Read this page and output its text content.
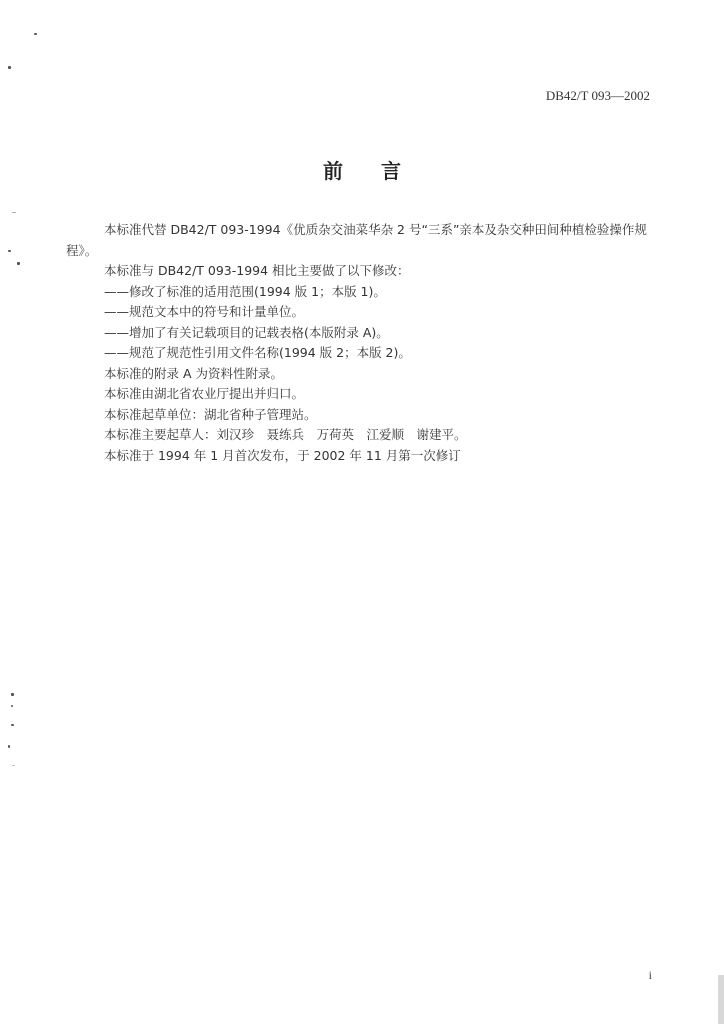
DB42/T 093—2002
前言

本标准代替 DB42/T 093-1994《优质杂交油菜华杂 2 号“三系”亲本及杂交种田间种植检验操作规程》。

本标准与 DB42/T 093-1994 相比主要做了以下修改：

——修改了标准的适用范围(1994 版 1；本版 1)。

——规范文本中的符号和计量单位。

——增加了有关记载项目的记载表格(本版附录 A)。

——规范了规范性引用文件名称(1994 版 2；本版 2)。

本标准的附录 A 为资料性附录。

本标准由湖北省农业厅提出并归口。

本标准起草单位：湖北省种子管理站。

本标准主要起草人：刘汉珍　聂练兵　万荷英　江爱顺　谢建平。

本标准于 1994 年 1 月首次发布，于 2002 年 11 月第一次修订

i
